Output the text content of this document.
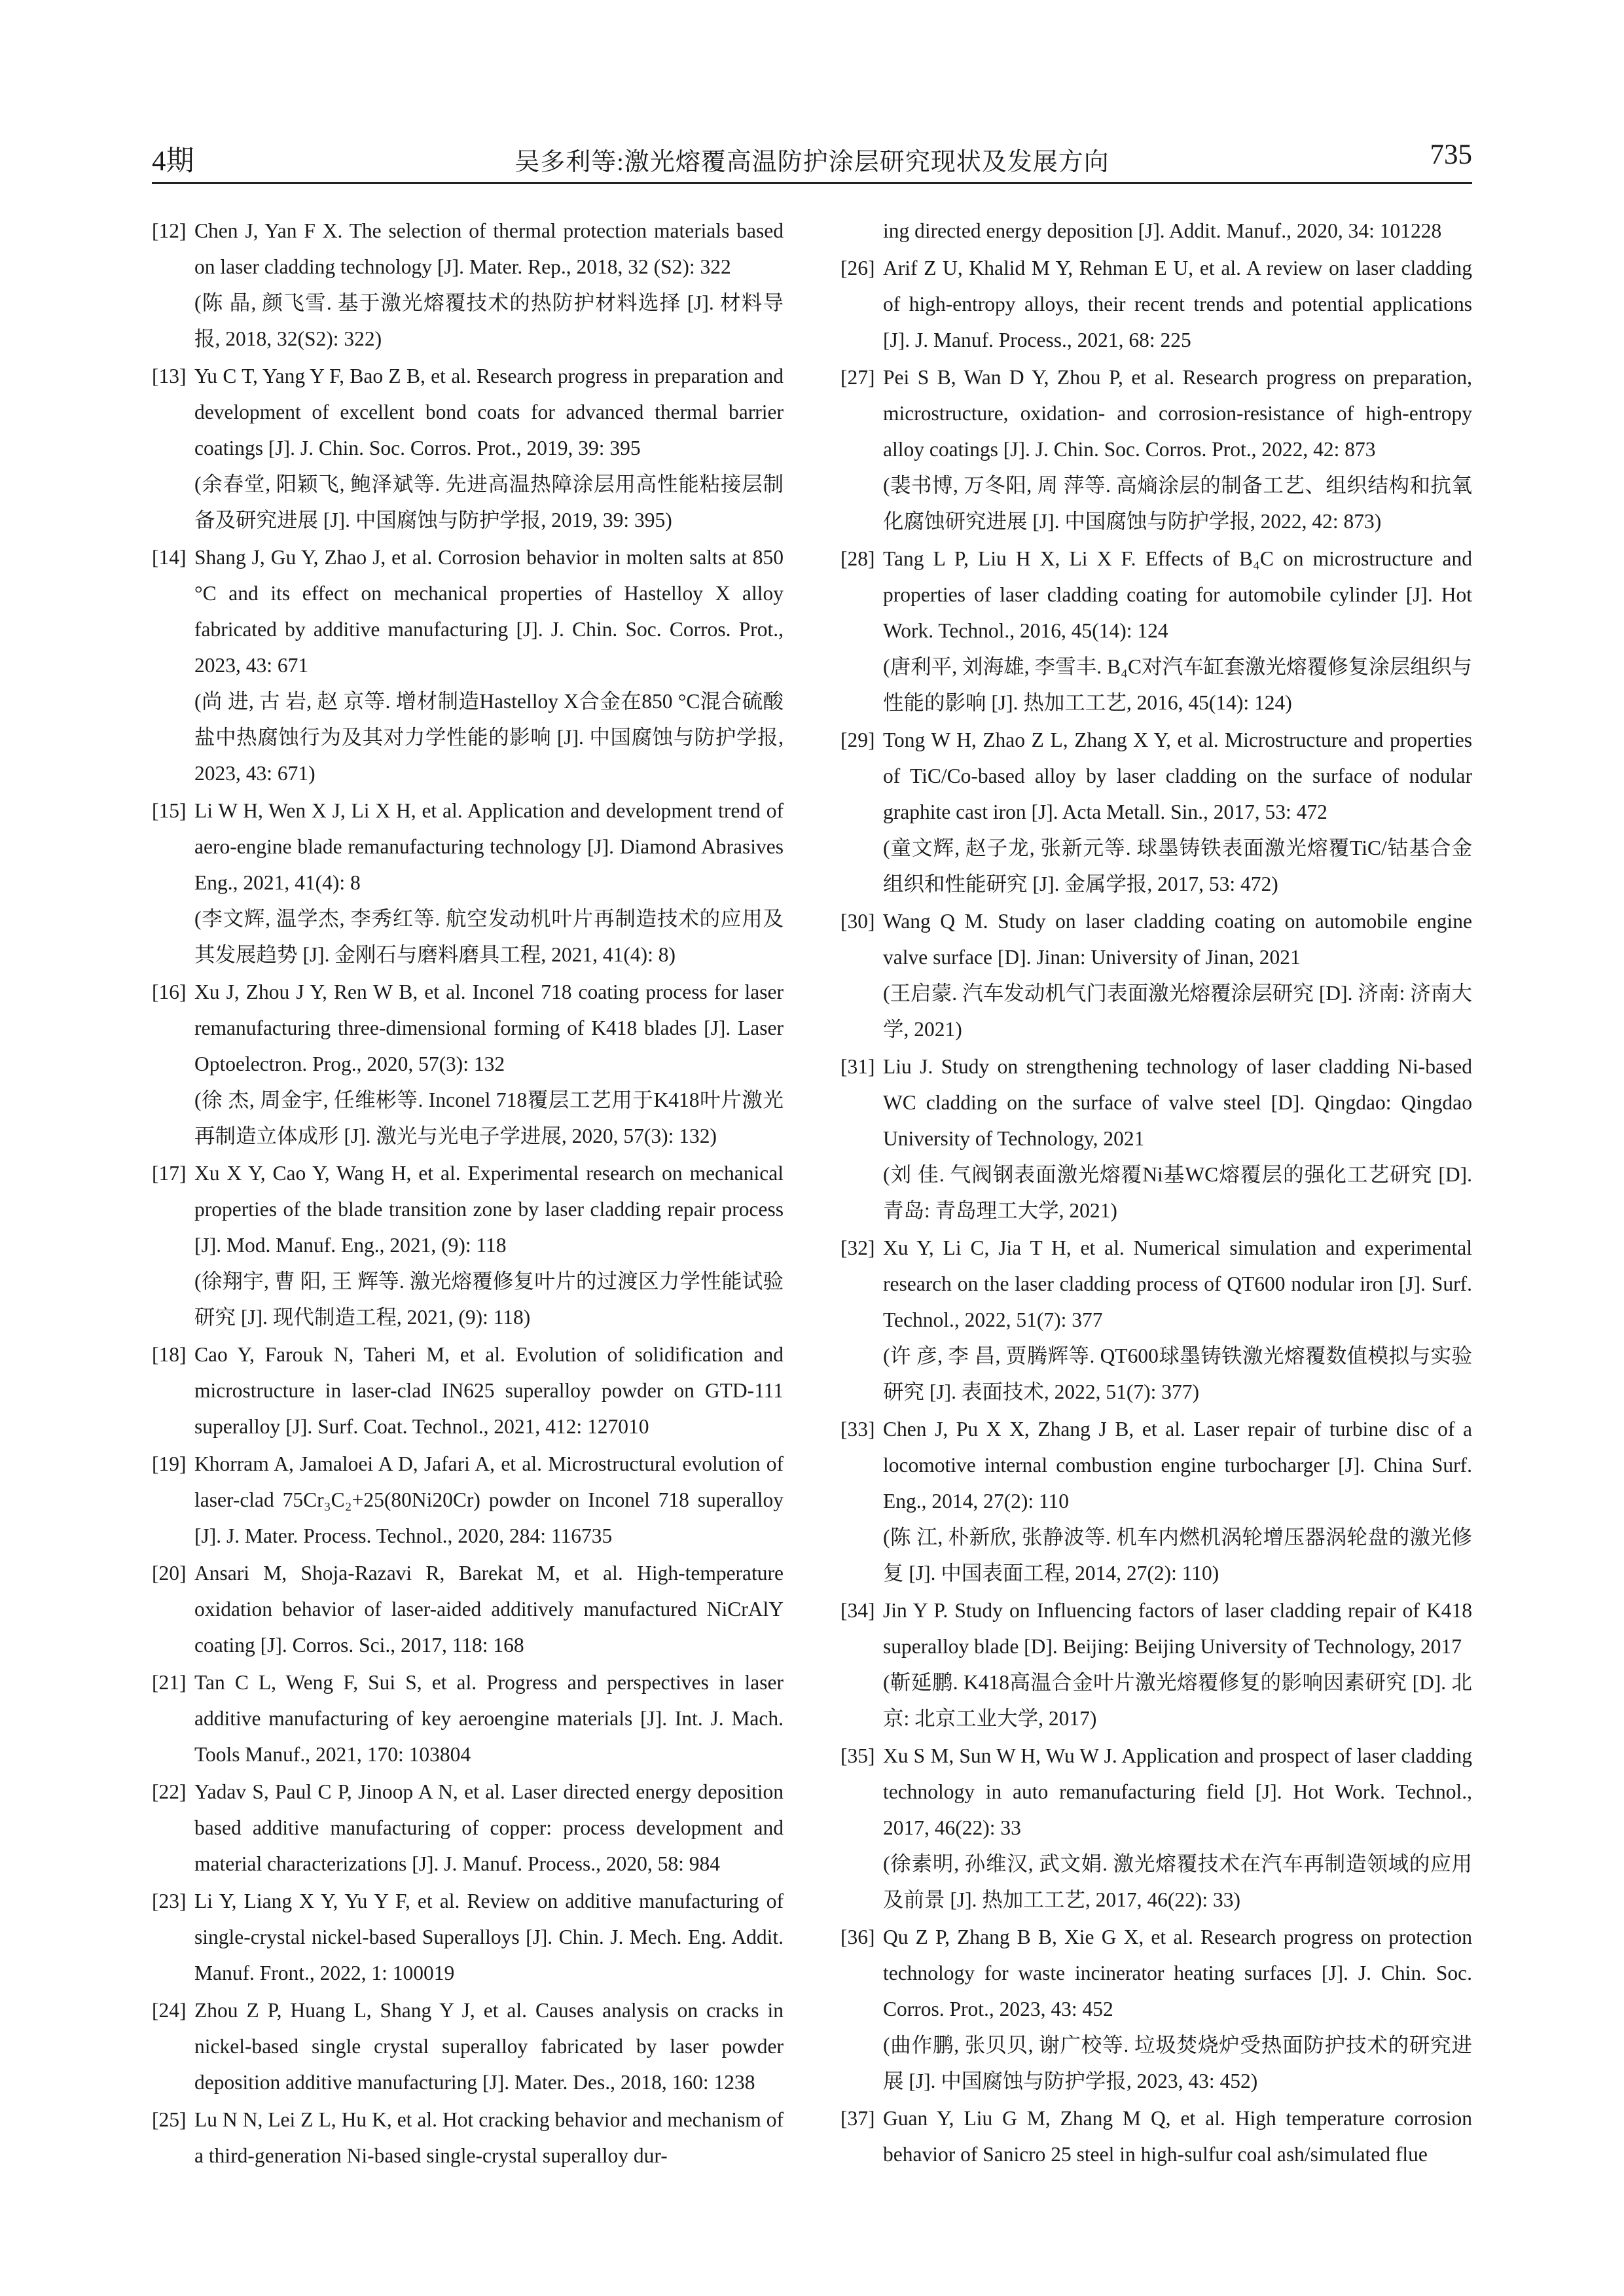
4期	吴多利等:激光熔覆高温防护涂层研究现状及发展方向	735
[12] Chen J, Yan F X. The selection of thermal protection materials based on laser cladding technology [J]. Mater. Rep., 2018, 32 (S2): 322
(陈 晶, 颜飞雪. 基于激光熔覆技术的热防护材料选择 [J]. 材料导报, 2018, 32(S2): 322)
[13] Yu C T, Yang Y F, Bao Z B, et al. Research progress in preparation and development of excellent bond coats for advanced thermal barrier coatings [J]. J. Chin. Soc. Corros. Prot., 2019, 39: 395
(余春堂, 阳颖飞, 鲍泽斌等. 先进高温热障涂层用高性能粘接层制备及研究进展 [J]. 中国腐蚀与防护学报, 2019, 39: 395)
[14] Shang J, Gu Y, Zhao J, et al. Corrosion behavior in molten salts at 850 °C and its effect on mechanical properties of Hastelloy X alloy fabricated by additive manufacturing [J]. J. Chin. Soc. Corros. Prot., 2023, 43: 671
(尚 进, 古 岩, 赵 京等. 增材制造Hastelloy X合金在850 °C混合硫酸盐中热腐蚀行为及其对力学性能的影响 [J]. 中国腐蚀与防护学报, 2023, 43: 671)
[15] Li W H, Wen X J, Li X H, et al. Application and development trend of aero-engine blade remanufacturing technology [J]. Diamond Abrasives Eng., 2021, 41(4): 8
(李文辉, 温学杰, 李秀红等. 航空发动机叶片再制造技术的应用及其发展趋势 [J]. 金刚石与磨料磨具工程, 2021, 41(4): 8)
[16] Xu J, Zhou J Y, Ren W B, et al. Inconel 718 coating process for laser remanufacturing three-dimensional forming of K418 blades [J]. Laser Optoelectron. Prog., 2020, 57(3): 132
(徐 杰, 周金宇, 任维彬等. Inconel 718覆层工艺用于K418叶片激光再制造立体成形 [J]. 激光与光电子学进展, 2020, 57(3): 132)
[17] Xu X Y, Cao Y, Wang H, et al. Experimental research on mechanical properties of the blade transition zone by laser cladding repair process [J]. Mod. Manuf. Eng., 2021, (9): 118
(徐翔宇, 曹 阳, 王 辉等. 激光熔覆修复叶片的过渡区力学性能试验研究 [J]. 现代制造工程, 2021, (9): 118)
[18] Cao Y, Farouk N, Taheri M, et al. Evolution of solidification and microstructure in laser-clad IN625 superalloy powder on GTD-111 superalloy [J]. Surf. Coat. Technol., 2021, 412: 127010
[19] Khorram A, Jamaloei A D, Jafari A, et al. Microstructural evolution of laser-clad 75Cr₃C₂+25(80Ni20Cr) powder on Inconel 718 superalloy [J]. J. Mater. Process. Technol., 2020, 284: 116735
[20] Ansari M, Shoja-Razavi R, Barekat M, et al. High-temperature oxidation behavior of laser-aided additively manufactured NiCrAlY coating [J]. Corros. Sci., 2017, 118: 168
[21] Tan C L, Weng F, Sui S, et al. Progress and perspectives in laser additive manufacturing of key aeroengine materials [J]. Int. J. Mach. Tools Manuf., 2021, 170: 103804
[22] Yadav S, Paul C P, Jinoop A N, et al. Laser directed energy deposition based additive manufacturing of copper: process development and material characterizations [J]. J. Manuf. Process., 2020, 58: 984
[23] Li Y, Liang X Y, Yu Y F, et al. Review on additive manufacturing of single-crystal nickel-based Superalloys [J]. Chin. J. Mech. Eng. Addit. Manuf. Front., 2022, 1: 100019
[24] Zhou Z P, Huang L, Shang Y J, et al. Causes analysis on cracks in nickel-based single crystal superalloy fabricated by laser powder deposition additive manufacturing [J]. Mater. Des., 2018, 160: 1238
[25] Lu N N, Lei Z L, Hu K, et al. Hot cracking behavior and mechanism of a third-generation Ni-based single-crystal superalloy dur-
ing directed energy deposition [J]. Addit. Manuf., 2020, 34: 101228
[26] Arif Z U, Khalid M Y, Rehman E U, et al. A review on laser cladding of high-entropy alloys, their recent trends and potential applications [J]. J. Manuf. Process., 2021, 68: 225
[27] Pei S B, Wan D Y, Zhou P, et al. Research progress on preparation, microstructure, oxidation- and corrosion-resistance of high-entropy alloy coatings [J]. J. Chin. Soc. Corros. Prot., 2022, 42: 873
(裴书博, 万冬阳, 周 萍等. 高熵涂层的制备工艺、组织结构和抗氧化腐蚀研究进展 [J]. 中国腐蚀与防护学报, 2022, 42: 873)
[28] Tang L P, Liu H X, Li X F. Effects of B₄C on microstructure and properties of laser cladding coating for automobile cylinder [J]. Hot Work. Technol., 2016, 45(14): 124
(唐利平, 刘海雄, 李雪丰. B₄C对汽车缸套激光熔覆修复涂层组织与性能的影响 [J]. 热加工工艺, 2016, 45(14): 124)
[29] Tong W H, Zhao Z L, Zhang X Y, et al. Microstructure and properties of TiC/Co-based alloy by laser cladding on the surface of nodular graphite cast iron [J]. Acta Metall. Sin., 2017, 53: 472
(童文辉, 赵子龙, 张新元等. 球墨铸铁表面激光熔覆TiC/钴基合金组织和性能研究 [J]. 金属学报, 2017, 53: 472)
[30] Wang Q M. Study on laser cladding coating on automobile engine valve surface [D]. Jinan: University of Jinan, 2021
(王启蒙. 汽车发动机气门表面激光熔覆涂层研究 [D]. 济南: 济南大学, 2021)
[31] Liu J. Study on strengthening technology of laser cladding Ni-based WC cladding on the surface of valve steel [D]. Qingdao: Qingdao University of Technology, 2021
(刘 佳. 气阀钢表面激光熔覆Ni基WC熔覆层的强化工艺研究 [D]. 青岛: 青岛理工大学, 2021)
[32] Xu Y, Li C, Jia T H, et al. Numerical simulation and experimental research on the laser cladding process of QT600 nodular iron [J]. Surf. Technol., 2022, 51(7): 377
(许 彦, 李 昌, 贾腾辉等. QT600球墨铸铁激光熔覆数值模拟与实验研究 [J]. 表面技术, 2022, 51(7): 377)
[33] Chen J, Pu X X, Zhang J B, et al. Laser repair of turbine disc of a locomotive internal combustion engine turbocharger [J]. China Surf. Eng., 2014, 27(2): 110
(陈 江, 朴新欣, 张静波等. 机车内燃机涡轮增压器涡轮盘的激光修复 [J]. 中国表面工程, 2014, 27(2): 110)
[34] Jin Y P. Study on Influencing factors of laser cladding repair of K418 superalloy blade [D]. Beijing: Beijing University of Technology, 2017
(靳延鹏. K418高温合金叶片激光熔覆修复的影响因素研究 [D]. 北京: 北京工业大学, 2017)
[35] Xu S M, Sun W H, Wu W J. Application and prospect of laser cladding technology in auto remanufacturing field [J]. Hot Work. Technol., 2017, 46(22): 33
(徐素明, 孙维汉, 武文娟. 激光熔覆技术在汽车再制造领域的应用及前景 [J]. 热加工工艺, 2017, 46(22): 33)
[36] Qu Z P, Zhang B B, Xie G X, et al. Research progress on protection technology for waste incinerator heating surfaces [J]. J. Chin. Soc. Corros. Prot., 2023, 43: 452
(曲作鹏, 张贝贝, 谢广校等. 垃圾焚烧炉受热面防护技术的研究进展 [J]. 中国腐蚀与防护学报, 2023, 43: 452)
[37] Guan Y, Liu G M, Zhang M Q, et al. High temperature corrosion behavior of Sanicro 25 steel in high-sulfur coal ash/simulated flue
